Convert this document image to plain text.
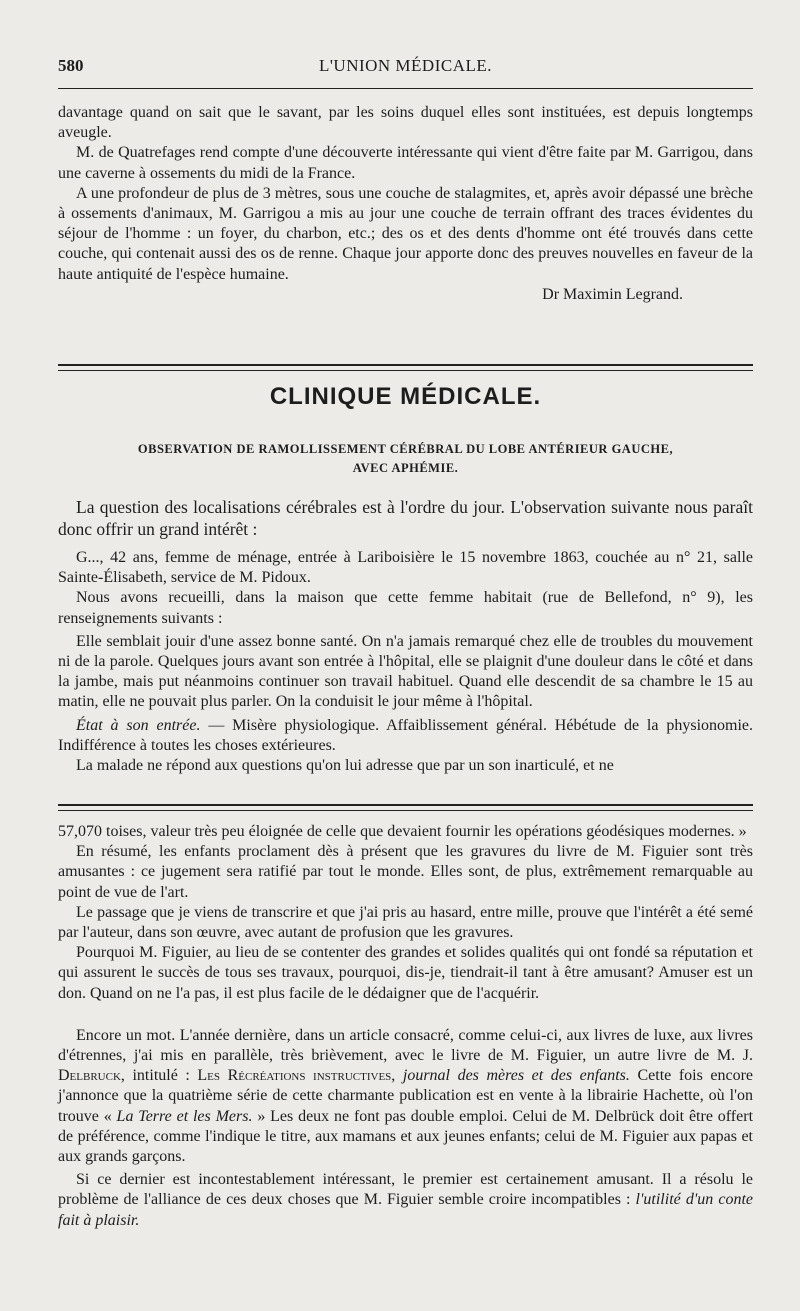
580	L'UNION MÉDICALE.

davantage quand on sait que le savant, par les soins duquel elles sont instituées, est depuis longtemps aveugle.

M. de Quatrefages rend compte d'une découverte intéressante qui vient d'être faite par M. Garrigou, dans une caverne à ossements du midi de la France.

A une profondeur de plus de 3 mètres, sous une couche de stalagmites, et, après avoir dépassé une brèche à ossements d'animaux, M. Garrigou a mis au jour une couche de terrain offrant des traces évidentes du séjour de l'homme : un foyer, du charbon, etc.; des os et des dents d'homme ont été trouvés dans cette couche, qui contenait aussi des os de renne. Chaque jour apporte donc des preuves nouvelles en faveur de la haute antiquité de l'espèce humaine.

Dr Maximin Legrand.

CLINIQUE MÉDICALE.
OBSERVATION DE RAMOLLISSEMENT CÉRÉBRAL DU LOBE ANTÉRIEUR GAUCHE,
AVEC APHÉMIE.

La question des localisations cérébrales est à l'ordre du jour. L'observation suivante nous paraît donc offrir un grand intérêt :

G..., 42 ans, femme de ménage, entrée à Lariboisière le 15 novembre 1863, couchée au n° 21, salle Sainte-Élisabeth, service de M. Pidoux.

Nous avons recueilli, dans la maison que cette femme habitait (rue de Bellefond, n° 9), les renseignements suivants :

Elle semblait jouir d'une assez bonne santé. On n'a jamais remarqué chez elle de troubles du mouvement ni de la parole. Quelques jours avant son entrée à l'hôpital, elle se plaignit d'une douleur dans le côté et dans la jambe, mais put néanmoins continuer son travail habituel. Quand elle descendit de sa chambre le 15 au matin, elle ne pouvait plus parler. On la conduisit le jour même à l'hôpital.

État à son entrée. — Misère physiologique. Affaiblissement général. Hébétude de la physionomie. Indifférence à toutes les choses extérieures.

La malade ne répond aux questions qu'on lui adresse que par un son inarticulé, et ne

57,070 toises, valeur très peu éloignée de celle que devaient fournir les opérations géodésiques modernes. »

En résumé, les enfants proclament dès à présent que les gravures du livre de M. Figuier sont très amusantes : ce jugement sera ratifié par tout le monde. Elles sont, de plus, extrêmement remarquable au point de vue de l'art.

Le passage que je viens de transcrire et que j'ai pris au hasard, entre mille, prouve que l'intérêt a été semé par l'auteur, dans son œuvre, avec autant de profusion que les gravures.

Pourquoi M. Figuier, au lieu de se contenter des grandes et solides qualités qui ont fondé sa réputation et qui assurent le succès de tous ses travaux, pourquoi, dis-je, tiendrait-il tant à être amusant? Amuser est un don. Quand on ne l'a pas, il est plus facile de le dédaigner que de l'acquérir.

Encore un mot. L'année dernière, dans un article consacré, comme celui-ci, aux livres de luxe, aux livres d'étrennes, j'ai mis en parallèle, très brièvement, avec le livre de M. Figuier, un autre livre de M. J. Delbruck, intitulé : Les Récréations instructives, journal des mères et des enfants. Cette fois encore j'annonce que la quatrième série de cette charmante publication est en vente à la librairie Hachette, où l'on trouve « La Terre et les Mers. » Les deux ne font pas double emploi. Celui de M. Delbrück doit être offert de préférence, comme l'indique le titre, aux mamans et aux jeunes enfants; celui de M. Figuier aux papas et aux grands garçons.

Si ce dernier est incontestablement intéressant, le premier est certainement amusant. Il a résolu le problème de l'alliance de ces deux choses que M. Figuier semble croire incompatibles : l'utilité d'un conte fait à plaisir.
